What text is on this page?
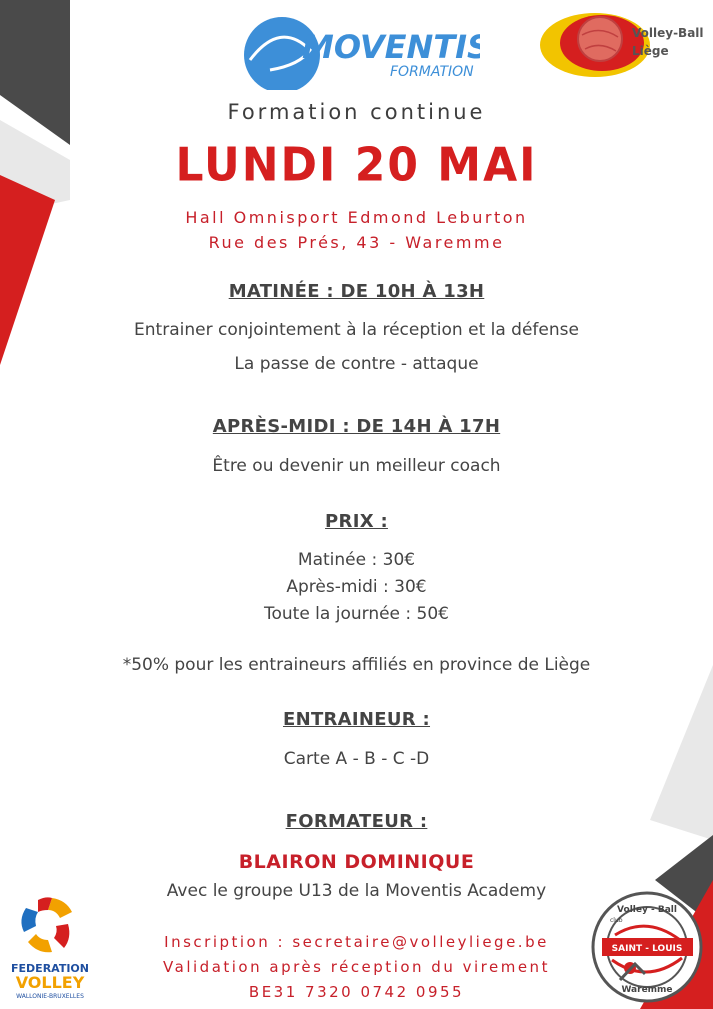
MOVENTIS
FORMATION
Volley-Ball
Liège
Formation continue
LUNDI 20 MAI
Hall Omnisport Edmond Leburton
Rue des Prés, 43 - Waremme
MATINÉE : DE 10H À 13H
Entrainer conjointement à la réception et la défense
La passe de contre - attaque
APRÈS-MIDI : DE 14H À 17H
Être ou devenir un meilleur coach
PRIX :
Matinée : 30€
Après-midi : 30€
Toute la journée : 50€
*50% pour les entraineurs affiliés en province de Liège
ENTRAINEUR :
Carte A - B - C -D
FORMATEUR :
BLAIRON DOMINIQUE
Avec le groupe U13 de la Moventis Academy
Inscription : secretaire@volleyliege.be
Validation après réception du virement
BE31 7320 0742 0955
FEDERATION
VOLLEY
WALLONIE-BRUXELLES
SAINT - LOUIS
Volley - Ball
Waremme
club
